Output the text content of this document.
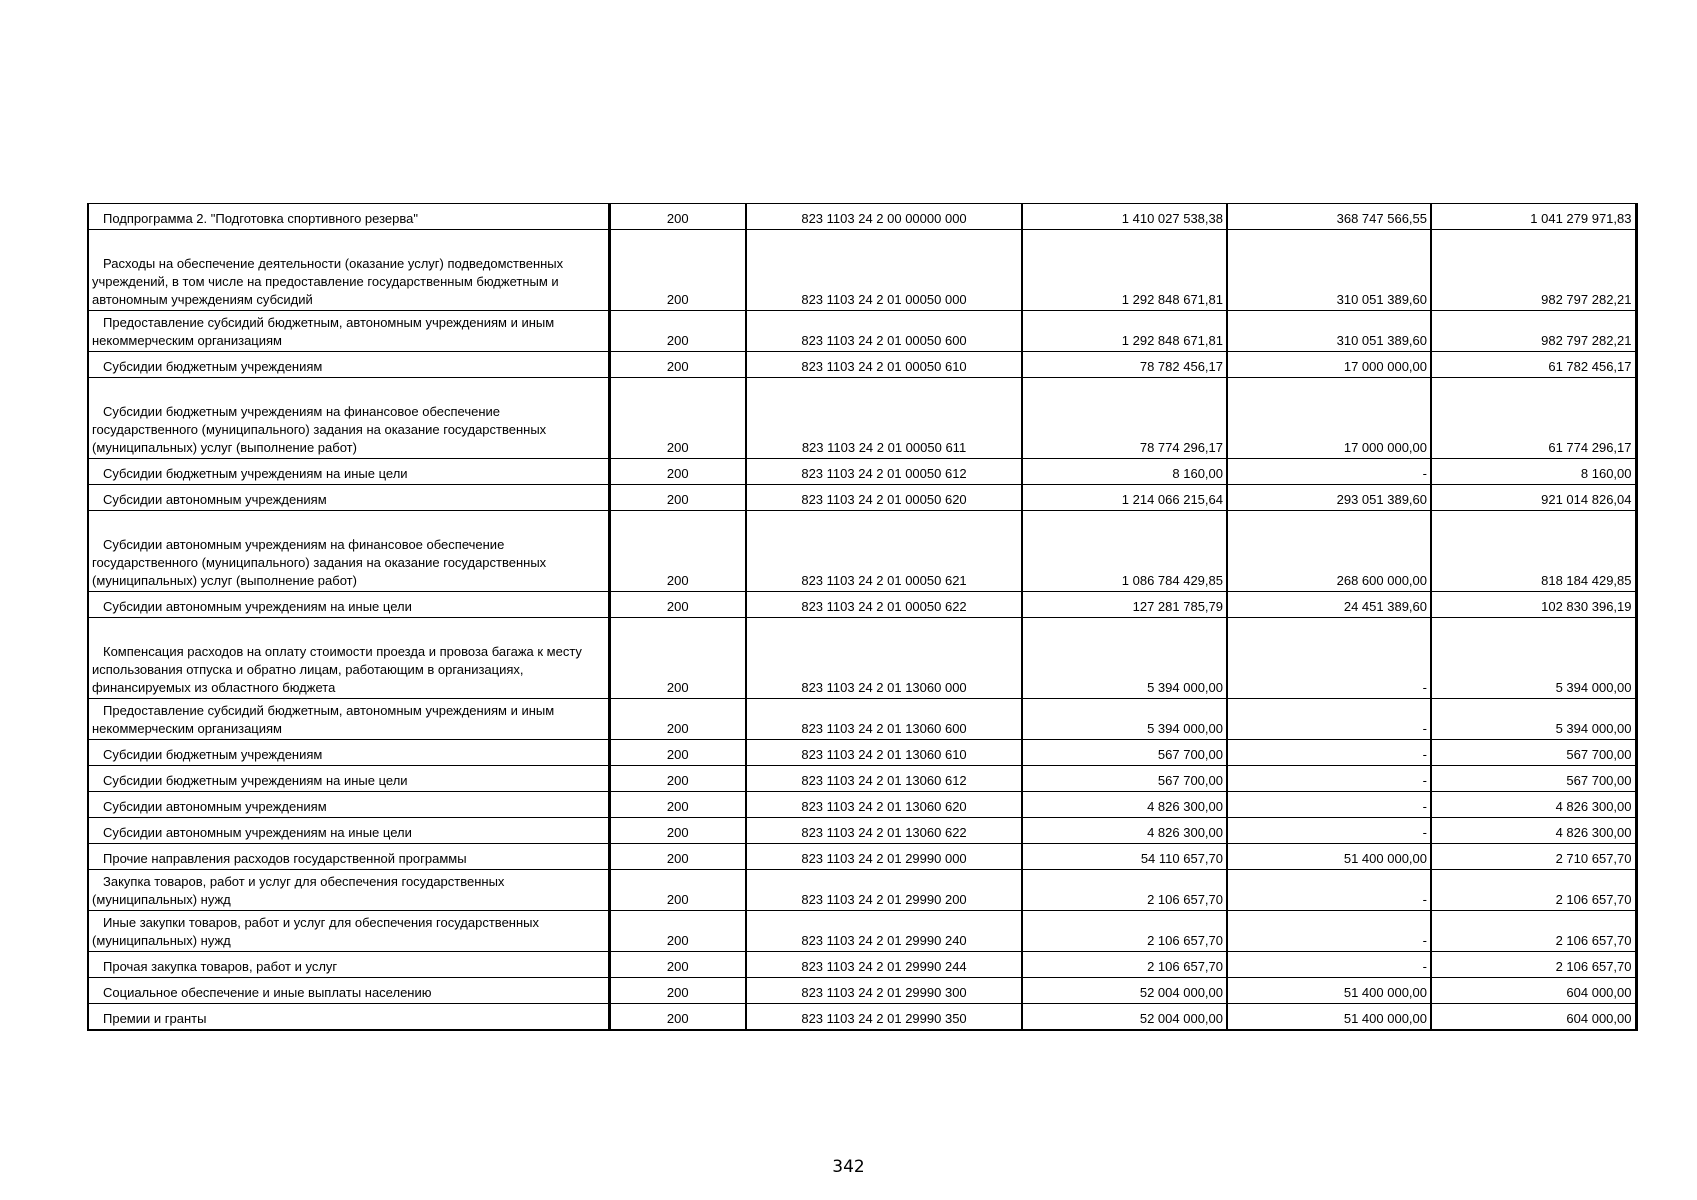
Подпрограмма 2. "Подготовка спортивного резерва"	200	823 1103 24 2 00 00000 000	1 410 027 538,38	368 747 566,55	1 041 279 971,83
Расходы на обеспечение деятельности (оказание услуг) подведомственных учреждений, в том числе на предоставление государственным бюджетным и автономным учреждениям субсидий	200	823 1103 24 2 01 00050 000	1 292 848 671,81	310 051 389,60	982 797 282,21
Предоставление субсидий бюджетным, автономным учреждениям и иным некоммерческим организациям	200	823 1103 24 2 01 00050 600	1 292 848 671,81	310 051 389,60	982 797 282,21
Субсидии бюджетным учреждениям	200	823 1103 24 2 01 00050 610	78 782 456,17	17 000 000,00	61 782 456,17
Субсидии бюджетным учреждениям на финансовое обеспечение государственного (муниципального) задания на оказание государственных (муниципальных) услуг (выполнение работ)	200	823 1103 24 2 01 00050 611	78 774 296,17	17 000 000,00	61 774 296,17
Субсидии бюджетным учреждениям на иные цели	200	823 1103 24 2 01 00050 612	8 160,00	-	8 160,00
Субсидии автономным учреждениям	200	823 1103 24 2 01 00050 620	1 214 066 215,64	293 051 389,60	921 014 826,04
Субсидии автономным учреждениям на финансовое обеспечение государственного (муниципального) задания на оказание государственных (муниципальных) услуг (выполнение работ)	200	823 1103 24 2 01 00050 621	1 086 784 429,85	268 600 000,00	818 184 429,85
Субсидии автономным учреждениям на иные цели	200	823 1103 24 2 01 00050 622	127 281 785,79	24 451 389,60	102 830 396,19
Компенсация расходов на оплату стоимости проезда и провоза багажа к месту использования отпуска и обратно лицам, работающим в организациях, финансируемых из областного бюджета	200	823 1103 24 2 01 13060 000	5 394 000,00	-	5 394 000,00
Предоставление субсидий бюджетным, автономным учреждениям и иным некоммерческим организациям	200	823 1103 24 2 01 13060 600	5 394 000,00	-	5 394 000,00
Субсидии бюджетным учреждениям	200	823 1103 24 2 01 13060 610	567 700,00	-	567 700,00
Субсидии бюджетным учреждениям на иные цели	200	823 1103 24 2 01 13060 612	567 700,00	-	567 700,00
Субсидии автономным учреждениям	200	823 1103 24 2 01 13060 620	4 826 300,00	-	4 826 300,00
Субсидии автономным учреждениям на иные цели	200	823 1103 24 2 01 13060 622	4 826 300,00	-	4 826 300,00
Прочие направления расходов государственной программы	200	823 1103 24 2 01 29990 000	54 110 657,70	51 400 000,00	2 710 657,70
Закупка товаров, работ и услуг для обеспечения государственных (муниципальных) нужд	200	823 1103 24 2 01 29990 200	2 106 657,70	-	2 106 657,70
Иные закупки товаров, работ и услуг для обеспечения государственных (муниципальных) нужд	200	823 1103 24 2 01 29990 240	2 106 657,70	-	2 106 657,70
Прочая закупка товаров, работ и услуг	200	823 1103 24 2 01 29990 244	2 106 657,70	-	2 106 657,70
Социальное обеспечение и иные выплаты населению	200	823 1103 24 2 01 29990 300	52 004 000,00	51 400 000,00	604 000,00
Премии и гранты	200	823 1103 24 2 01 29990 350	52 004 000,00	51 400 000,00	604 000,00
342
